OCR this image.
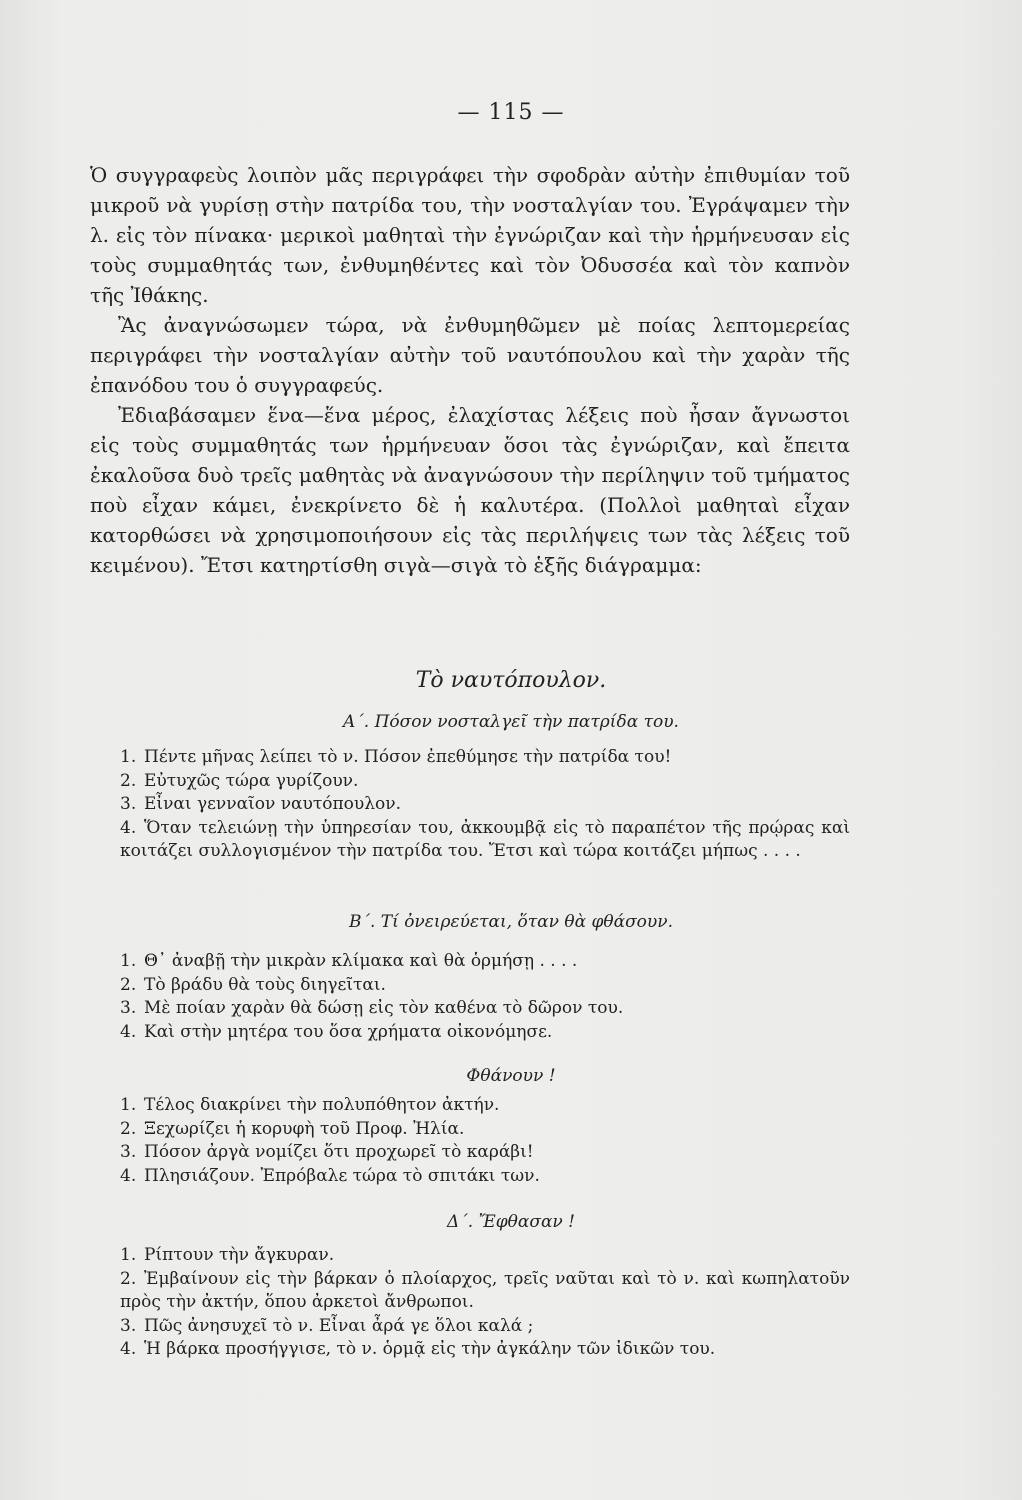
— 115 —

Ὁ συγγραφεὺς λοιπὸν μᾶς περιγράφει τὴν σφοδρὰν αὐτὴν ἐπιθυμίαν τοῦ μικροῦ νὰ γυρίσῃ στὴν πατρίδα του, τὴν νοσταλγίαν του. Ἐγράψαμεν τὴν λ. εἰς τὸν πίνακα· μερικοὶ μαθηταὶ τὴν ἐγνώριζαν καὶ τὴν ἡρμήνευσαν εἰς τοὺς συμμαθητάς των, ἐνθυμηθέντες καὶ τὸν Ὀδυσσέα καὶ τὸν καπνὸν τῆς Ἰθάκης.

Ἂς ἀναγνώσωμεν τώρα, νὰ ἐνθυμηθῶμεν μὲ ποίας λεπτομερείας περιγράφει τὴν νοσταλγίαν αὐτὴν τοῦ ναυτόπουλου καὶ τὴν χαρὰν τῆς ἐπανόδου του ὁ συγγραφεύς.

Ἐδιαβάσαμεν ἕνα—ἕνα μέρος, ἐλαχίστας λέξεις ποὺ ἦσαν ἄγνωστοι εἰς τοὺς συμμαθητάς των ἡρμήνευαν ὅσοι τὰς ἐγνώριζαν, καὶ ἔπειτα ἐκαλοῦσα δυὸ τρεῖς μαθητὰς νὰ ἀναγνώσουν τὴν περίληψιν τοῦ τμήματος ποὺ εἶχαν κάμει, ἐνεκρίνετο δὲ ἡ καλυτέρα. (Πολλοὶ μαθηταὶ εἶχαν κατορθώσει νὰ χρησιμοποιήσουν εἰς τὰς περιλήψεις των τὰς λέξεις τοῦ κειμένου). Ἔτσι κατηρτίσθη σιγὰ—σιγὰ τὸ ἑξῆς διάγραμμα:

Τὸ ναυτόπουλον.
Α΄. Πόσον νοσταλγεῖ τὴν πατρίδα του.
1. Πέντε μῆνας λείπει τὸ ν. Πόσον ἐπεθύμησε τὴν πατρίδα του!
2. Εὐτυχῶς τώρα γυρίζουν.
3. Εἶναι γενναῖον ναυτόπουλον.
4. Ὅταν τελειώνῃ τὴν ὑπηρεσίαν του, ἀκκουμβᾷ εἰς τὸ παραπέτον τῆς πρῴρας καὶ κοιτάζει συλλογισμένον τὴν πατρίδα του. Ἔτσι καὶ τώρα κοιτάζει μήπως . . . .
Β΄. Τί ὀνειρεύεται, ὅταν θὰ φθάσουν.
1. Θ᾽ ἀναβῇ τὴν μικρὰν κλίμακα καὶ θὰ ὁρμήσῃ . . . .
2. Τὸ βράδυ θὰ τοὺς διηγεῖται.
3. Μὲ ποίαν χαρὰν θὰ δώσῃ εἰς τὸν καθένα τὸ δῶρον του.
4. Καὶ στὴν μητέρα του ὅσα χρήματα οἰκονόμησε.
Φθάνουν !
1. Τέλος διακρίνει τὴν πολυπόθητον ἀκτήν.
2. Ξεχωρίζει ἡ κορυφὴ τοῦ Προφ. Ἠλία.
3. Πόσον ἀργὰ νομίζει ὅτι προχωρεῖ τὸ καράβι!
4. Πλησιάζουν. Ἐπρόβαλε τώρα τὸ σπιτάκι των.
Δ΄. Ἔφθασαν !
1. Ρίπτουν τὴν ἄγκυραν.
2. Ἐμβαίνουν εἰς τὴν βάρκαν ὁ πλοίαρχος, τρεῖς ναῦται καὶ τὸ ν. καὶ κωπηλατοῦν πρὸς τὴν ἀκτήν, ὅπου ἀρκετοὶ ἄνθρωποι.
3. Πῶς ἀνησυχεῖ τὸ ν. Εἶναι ἆρά γε ὅλοι καλά ;
4. Ἡ βάρκα προσήγγισε, τὸ ν. ὁρμᾷ εἰς τὴν ἀγκάλην τῶν ἰδικῶν του.
